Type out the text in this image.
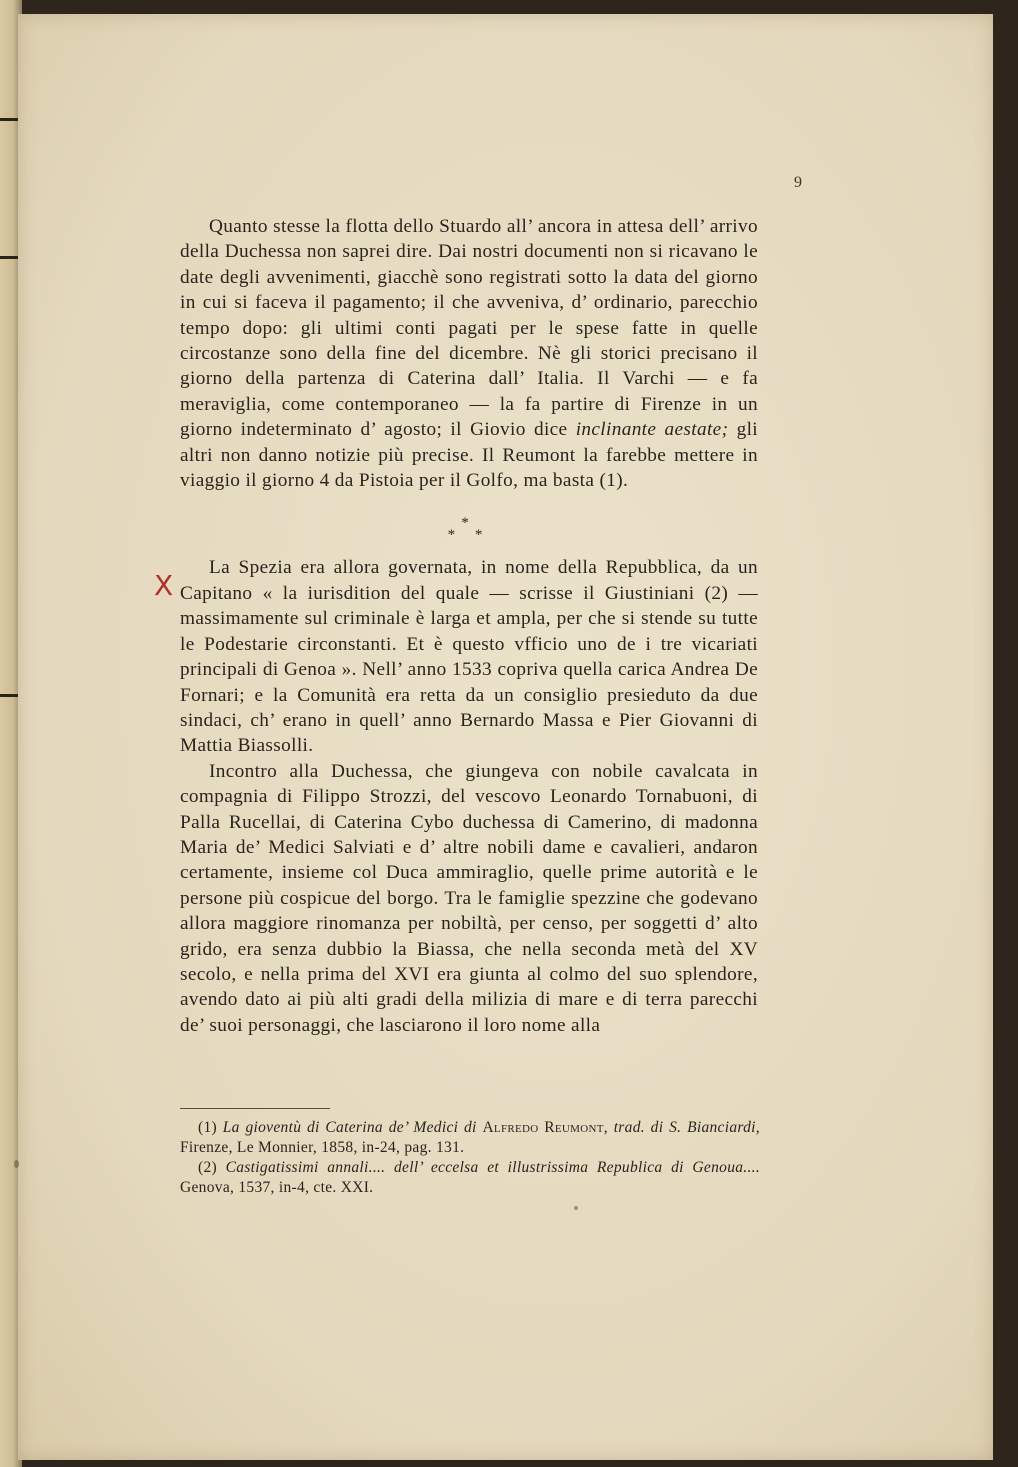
9
X

Quanto stesse la flotta dello Stuardo all’ ancora in attesa dell’ arrivo della Duchessa non saprei dire. Dai nostri documenti non si ricavano le date degli avvenimenti, giacchè sono registrati sotto la data del giorno in cui si faceva il pagamento; il che avveniva, d’ ordinario, parecchio tempo dopo: gli ultimi conti pagati per le spese fatte in quelle circostanze sono della fine del dicembre. Nè gli storici precisano il giorno della partenza di Caterina dall’ Italia. Il Varchi — e fa meraviglia, come contemporaneo — la fa partire di Firenze in un giorno indeterminato d’ agosto; il Giovio dice inclinante aestate; gli altri non danno notizie più precise. Il Reumont la farebbe mettere in viaggio il giorno 4 da Pistoia per il Golfo, ma basta (1).

*
* *

La Spezia era allora governata, in nome della Repubblica, da un Capitano « la iurisdition del quale — scrisse il Giustiniani (2) — massimamente sul criminale è larga et ampla, per che si stende su tutte le Podestarie circonstanti. Et è questo vfficio uno de i tre vicariati principali di Genoa ». Nell’ anno 1533 copriva quella carica Andrea De Fornari; e la Comunità era retta da un consiglio presieduto da due sindaci, ch’ erano in quell’ anno Bernardo Massa e Pier Giovanni di Mattia Biassolli.

Incontro alla Duchessa, che giungeva con nobile cavalcata in compagnia di Filippo Strozzi, del vescovo Leonardo Tornabuoni, di Palla Rucellai, di Caterina Cybo duchessa di Camerino, di madonna Maria de’ Medici Salviati e d’ altre nobili dame e cavalieri, andaron certamente, insieme col Duca ammiraglio, quelle prime autorità e le persone più cospicue del borgo. Tra le famiglie spezzine che godevano allora maggiore rinomanza per nobiltà, per censo, per soggetti d’ alto grido, era senza dubbio la Biassa, che nella seconda metà del XV secolo, e nella prima del XVI era giunta al colmo del suo splendore, avendo dato ai più alti gradi della milizia di mare e di terra parecchi de’ suoi personaggi, che lasciarono il loro nome alla

(1) La gioventù di Caterina de’ Medici di Alfredo Reumont, trad. di S. Bianciardi, Firenze, Le Monnier, 1858, in-24, pag. 131.

(2) Castigatissimi annali.... dell’ eccelsa et illustrissima Republica di Genoua.... Genova, 1537, in-4, cte. XXI.
